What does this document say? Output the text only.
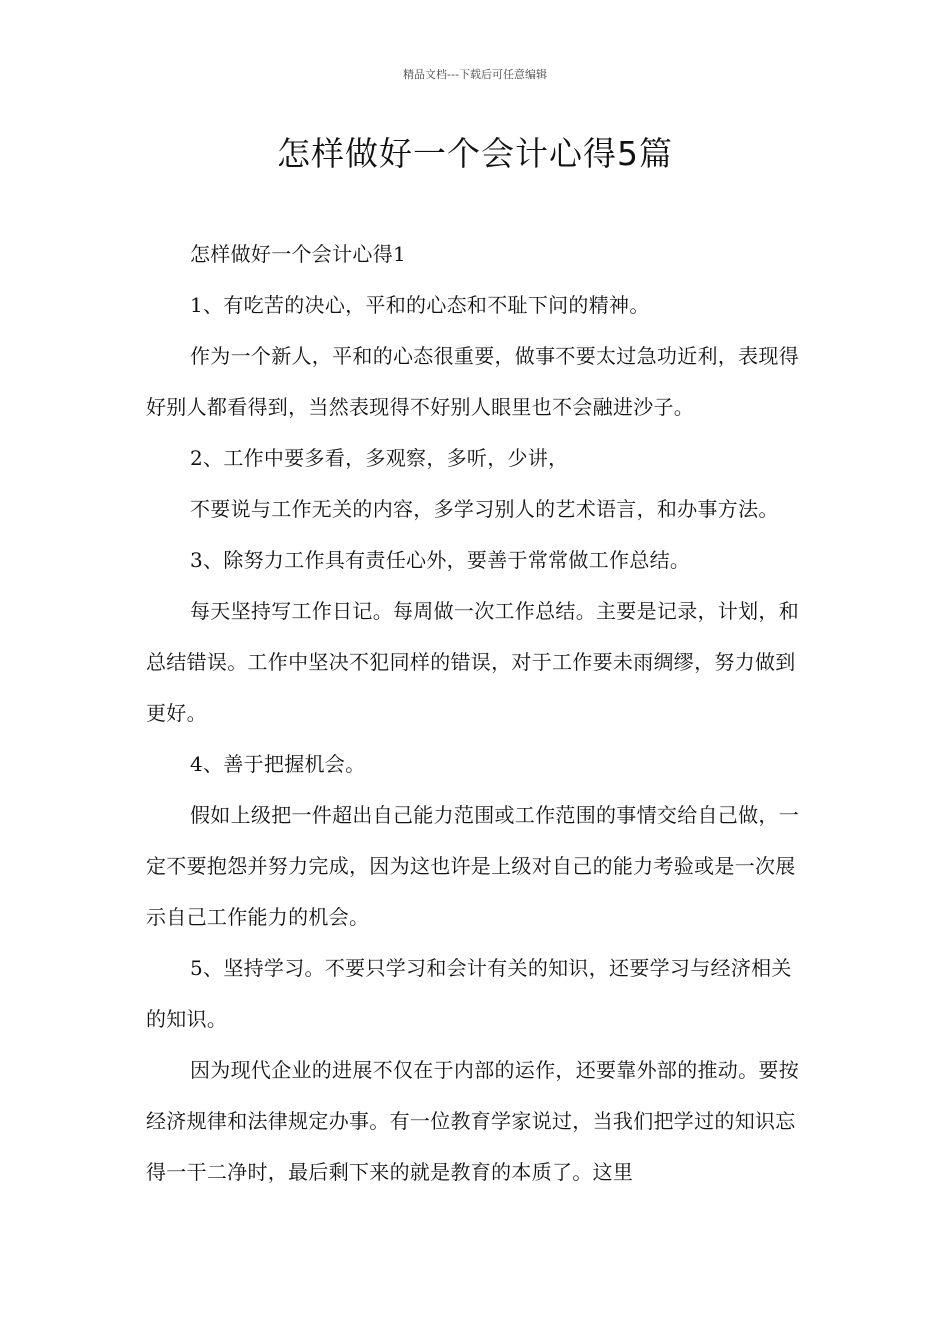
精品文档---下载后可任意编辑
怎样做好一个会计心得5篇

怎样做好一个会计心得1

1、有吃苦的决心，平和的心态和不耻下问的精神。

作为一个新人，平和的心态很重要，做事不要太过急功近利，表现得好别人都看得到，当然表现得不好别人眼里也不会融进沙子。

2、工作中要多看，多观察，多听，少讲，

不要说与工作无关的内容，多学习别人的艺术语言，和办事方法。

3、除努力工作具有责任心外，要善于常常做工作总结。

每天坚持写工作日记。每周做一次工作总结。主要是记录，计划，和总结错误。工作中坚决不犯同样的错误，对于工作要未雨绸缪，努力做到更好。

4、善于把握机会。

假如上级把一件超出自己能力范围或工作范围的事情交给自己做，一定不要抱怨并努力完成，因为这也许是上级对自己的能力考验或是一次展示自己工作能力的机会。

5、坚持学习。不要只学习和会计有关的知识，还要学习与经济相关的知识。

因为现代企业的进展不仅在于内部的运作，还要靠外部的推动。要按经济规律和法律规定办事。有一位教育学家说过，当我们把学过的知识忘得一干二净时，最后剩下来的就是教育的本质了。这里
